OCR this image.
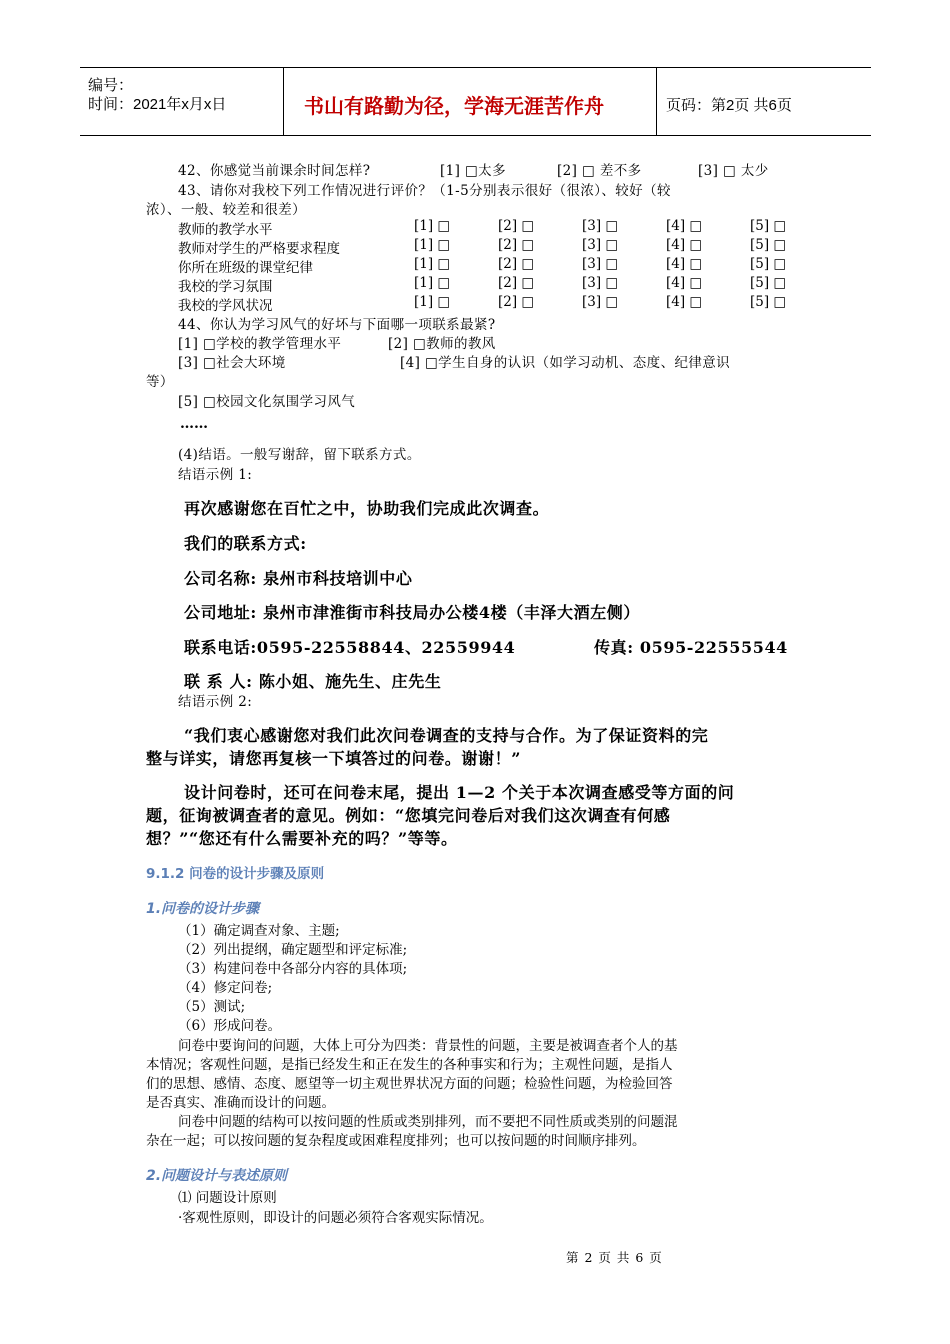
编号：
时间：2021年x月x日	书山有路勤为径，学海无涯苦作舟	页码：第2页 共6页
42、你感觉当前课余时间怎样?	[1] □太多	[2] □ 差不多	[3] □ 太少
43、请你对我校下列工作情况进行评价？（1-5分别表示很好（很浓）、较好（较
浓）、一般、较差和很差）
教师的教学水平	[1] □	[2] □	[3] □	[4] □	[5] □
教师对学生的严格要求程度	[1] □	[2] □	[3] □	[4] □	[5] □
你所在班级的课堂纪律	[1] □	[2] □	[3] □	[4] □	[5] □
我校的学习氛围	[1] □	[2] □	[3] □	[4] □	[5] □
我校的学风状况	[1] □	[2] □	[3] □	[4] □	[5] □
44、你认为学习风气的好坏与下面哪一项联系最紧?
[1] □学校的教学管理水平	[2] □教师的教风
[3] □社会大环境	[4] □学生自身的认识（如学习动机、态度、纪律意识
等）
[5] □校园文化氛围学习风气
……
(4)结语。一般写谢辞，留下联系方式。
结语示例 1:
再次感谢您在百忙之中，协助我们完成此次调查。
我们的联系方式:
公司名称: 泉州市科技培训中心
公司地址: 泉州市津淮街市科技局办公楼4楼（丰泽大酒左侧）
联系电话:0595-22558844、22559944	传真: 0595-22555544
联 系 人: 陈小姐、施先生、庄先生
结语示例 2:
“我们衷心感谢您对我们此次问卷调查的支持与合作。为了保证资料的完
整与详实，请您再复核一下填答过的问卷。谢谢！”
设计问卷时，还可在问卷末尾，提出 1—2 个关于本次调查感受等方面的问
题，征询被调查者的意见。例如：“您填完问卷后对我们这次调查有何感
想？”“您还有什么需要补充的吗？”等等。
9.1.2 问卷的设计步骤及原则
1.问卷的设计步骤
（1）确定调查对象、主题;
（2）列出提纲，确定题型和评定标准;
（3）构建问卷中各部分内容的具体项;
（4）修定问卷;
（5）测试;
（6）形成问卷。
问卷中要询问的问题，大体上可分为四类：背景性的问题，主要是被调查者个人的基
本情况；客观性问题，是指已经发生和正在发生的各种事实和行为；主观性问题，是指人
们的思想、感情、态度、愿望等一切主观世界状况方面的问题；检验性问题，为检验回答
是否真实、准确而设计的问题。
问卷中问题的结构可以按问题的性质或类别排列，而不要把不同性质或类别的问题混
杂在一起；可以按问题的复杂程度或困难程度排列；也可以按问题的时间顺序排列。
2.问题设计与表述原则
⑴ 问题设计原则
·客观性原则，即设计的问题必须符合客观实际情况。
第 2 页 共 6 页
